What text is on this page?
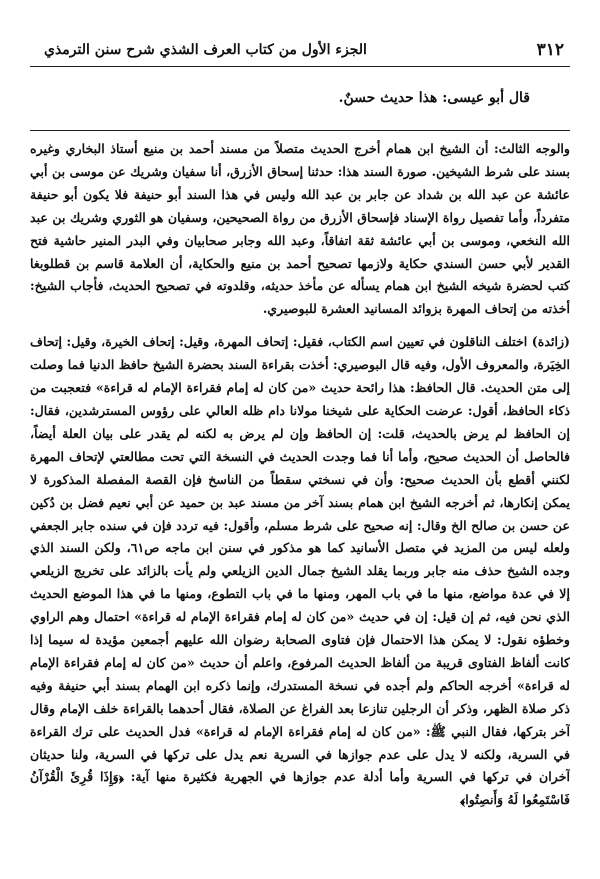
٣١٢
الجزء الأول من كتاب العرف الشذي شرح سنن الترمذي
قال أبو عيسى: هذا حديث حسنٌ.

والوجه الثالث: أن الشيخ ابن همام أخرج الحديث متصلاً من مسند أحمد بن منيع أستاذ البخاري وغيره بسند على شرط الشيخين. صورة السند هذا: حدثنا إسحاق الأزرق، أنا سفيان وشريك عن موسى بن أبي عائشة عن عبد الله بن شداد عن جابر بن عبد الله وليس في هذا السند أبو حنيفة فلا يكون أبو حنيفة متفرداً، وأما تفصيل رواة الإسناد فإسحاق الأزرق من رواة الصحيحين، وسفيان هو الثوري وشريك بن عبد الله النخعي، وموسى بن أبي عائشة ثقة اتفاقاً، وعبد الله وجابر صحابيان وفي البدر المنير حاشية فتح القدير لأبي حسن السندي حكاية ولازمها تصحيح أحمد بن منيع والحكاية، أن العلامة قاسم بن قطلوبغا كتب لحضرة شيخه الشيخ ابن همام يسأله عن مأخذ حديثه، وقلدوته في تصحيح الحديث، فأجاب الشيخ: أخذته من إتحاف المهرة بزوائد المسانيد العشرة للبوصيري.

(زائدة) اختلف الناقلون في تعيين اسم الكتاب، فقيل: إتحاف المهرة، وقيل: إتحاف الخيرة، وقيل: إتحاف الخِيَرة، والمعروف الأول، وفيه قال البوصيري: أخذت بقراءة السند بحضرة الشيخ حافظ الدنيا فما وصلت إلى متن الحديث. قال الحافظ: هذا رائحة حديث «من كان له إمام فقراءة الإمام له قراءة» فتعجبت من ذكاء الحافظ، أقول: عرضت الحكاية على شيخنا مولانا دام ظله العالي على رؤوس المسترشدين، فقال: إن الحافظ لم يرض بالحديث، قلت: إن الحافظ وإن لم يرض به لكنه لم يقدر على بيان العلة أيضاً، فالحاصل أن الحديث صحيح، وأما أنا فما وجدت الحديث في النسخة التي تحت مطالعتي لإتحاف المهرة لكنني أقطع بأن الحديث صحيح: وأن في نسختي سقطاً من الناسخ فإن القصة المفصلة المذكورة لا يمكن إنكارها، ثم أخرجه الشيخ ابن همام بسند آخر من مسند عبد بن حميد عن أبي نعيم فضل بن دُكين عن حسن بن صالح الخ وقال: إنه صحيح على شرط مسلم، وأقول: فيه تردد فإن في سنده جابر الجعفي ولعله ليس من المزيد في متصل الأسانيد كما هو مذكور في سنن ابن ماجه ص٦١، ولكن السند الذي وجده الشيخ حذف منه جابر وربما يقلد الشيخ جمال الدين الزيلعي ولم يأت بالزائد على تخريج الزيلعي إلا في عدة مواضع، منها ما في باب المهر، ومنها ما في باب التطوع، ومنها ما في هذا الموضع الحديث الذي نحن فيه، ثم إن قيل: إن في حديث «من كان له إمام فقراءة الإمام له قراءة» احتمال وهم الراوي وخطؤه نقول: لا يمكن هذا الاحتمال فإن فتاوى الصحابة رضوان الله عليهم أجمعين مؤيدة له سيما إذا كانت ألفاظ الفتاوى قريبة من ألفاظ الحديث المرفوع، واعلم أن حديث «من كان له إمام فقراءة الإمام له قراءة» أخرجه الحاكم ولم أجده في نسخة المستدرك، وإنما ذكره ابن الهمام بسند أبي حنيفة وفيه ذكر صلاة الظهر، وذكر أن الرجلين تنازعا بعد الفراغ عن الصلاة، فقال أحدهما بالقراءة خلف الإمام وقال آخر بتركها، فقال النبي ﷺ: «من كان له إمام فقراءة الإمام له قراءة» فدل الحديث على ترك القراءة في السرية، ولكنه لا يدل على عدم جوازها في السرية نعم يدل على تركها في السرية، ولنا حديثان آخران في تركها في السرية وأما أدلة عدم جوازها في الجهرية فكثيرة منها آية: ﴿وَإِذَا قُرِئَ الْقُرْآنُ فَاسْتَمِعُوا لَهُ وَأَنصِتُوا﴾
